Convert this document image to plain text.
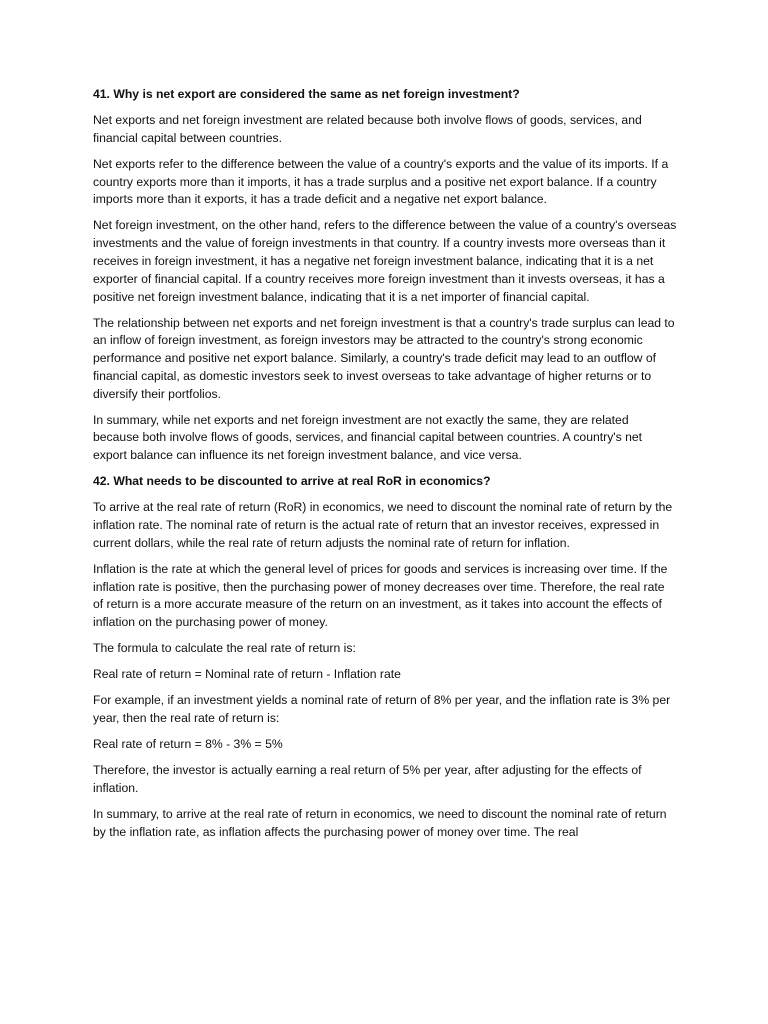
41. Why is net export are considered the same as net foreign investment?

Net exports and net foreign investment are related because both involve flows of goods, services, and financial capital between countries.

Net exports refer to the difference between the value of a country's exports and the value of its imports. If a country exports more than it imports, it has a trade surplus and a positive net export balance. If a country imports more than it exports, it has a trade deficit and a negative net export balance.

Net foreign investment, on the other hand, refers to the difference between the value of a country's overseas investments and the value of foreign investments in that country. If a country invests more overseas than it receives in foreign investment, it has a negative net foreign investment balance, indicating that it is a net exporter of financial capital. If a country receives more foreign investment than it invests overseas, it has a positive net foreign investment balance, indicating that it is a net importer of financial capital.

The relationship between net exports and net foreign investment is that a country's trade surplus can lead to an inflow of foreign investment, as foreign investors may be attracted to the country's strong economic performance and positive net export balance. Similarly, a country's trade deficit may lead to an outflow of financial capital, as domestic investors seek to invest overseas to take advantage of higher returns or to diversify their portfolios.

In summary, while net exports and net foreign investment are not exactly the same, they are related because both involve flows of goods, services, and financial capital between countries. A country's net export balance can influence its net foreign investment balance, and vice versa.

42. What needs to be discounted to arrive at real RoR in economics?

To arrive at the real rate of return (RoR) in economics, we need to discount the nominal rate of return by the inflation rate. The nominal rate of return is the actual rate of return that an investor receives, expressed in current dollars, while the real rate of return adjusts the nominal rate of return for inflation.

Inflation is the rate at which the general level of prices for goods and services is increasing over time. If the inflation rate is positive, then the purchasing power of money decreases over time. Therefore, the real rate of return is a more accurate measure of the return on an investment, as it takes into account the effects of inflation on the purchasing power of money.

The formula to calculate the real rate of return is:

Real rate of return = Nominal rate of return - Inflation rate

For example, if an investment yields a nominal rate of return of 8% per year, and the inflation rate is 3% per year, then the real rate of return is:

Real rate of return = 8% - 3% = 5%

Therefore, the investor is actually earning a real return of 5% per year, after adjusting for the effects of inflation.

In summary, to arrive at the real rate of return in economics, we need to discount the nominal rate of return by the inflation rate, as inflation affects the purchasing power of money over time. The real
